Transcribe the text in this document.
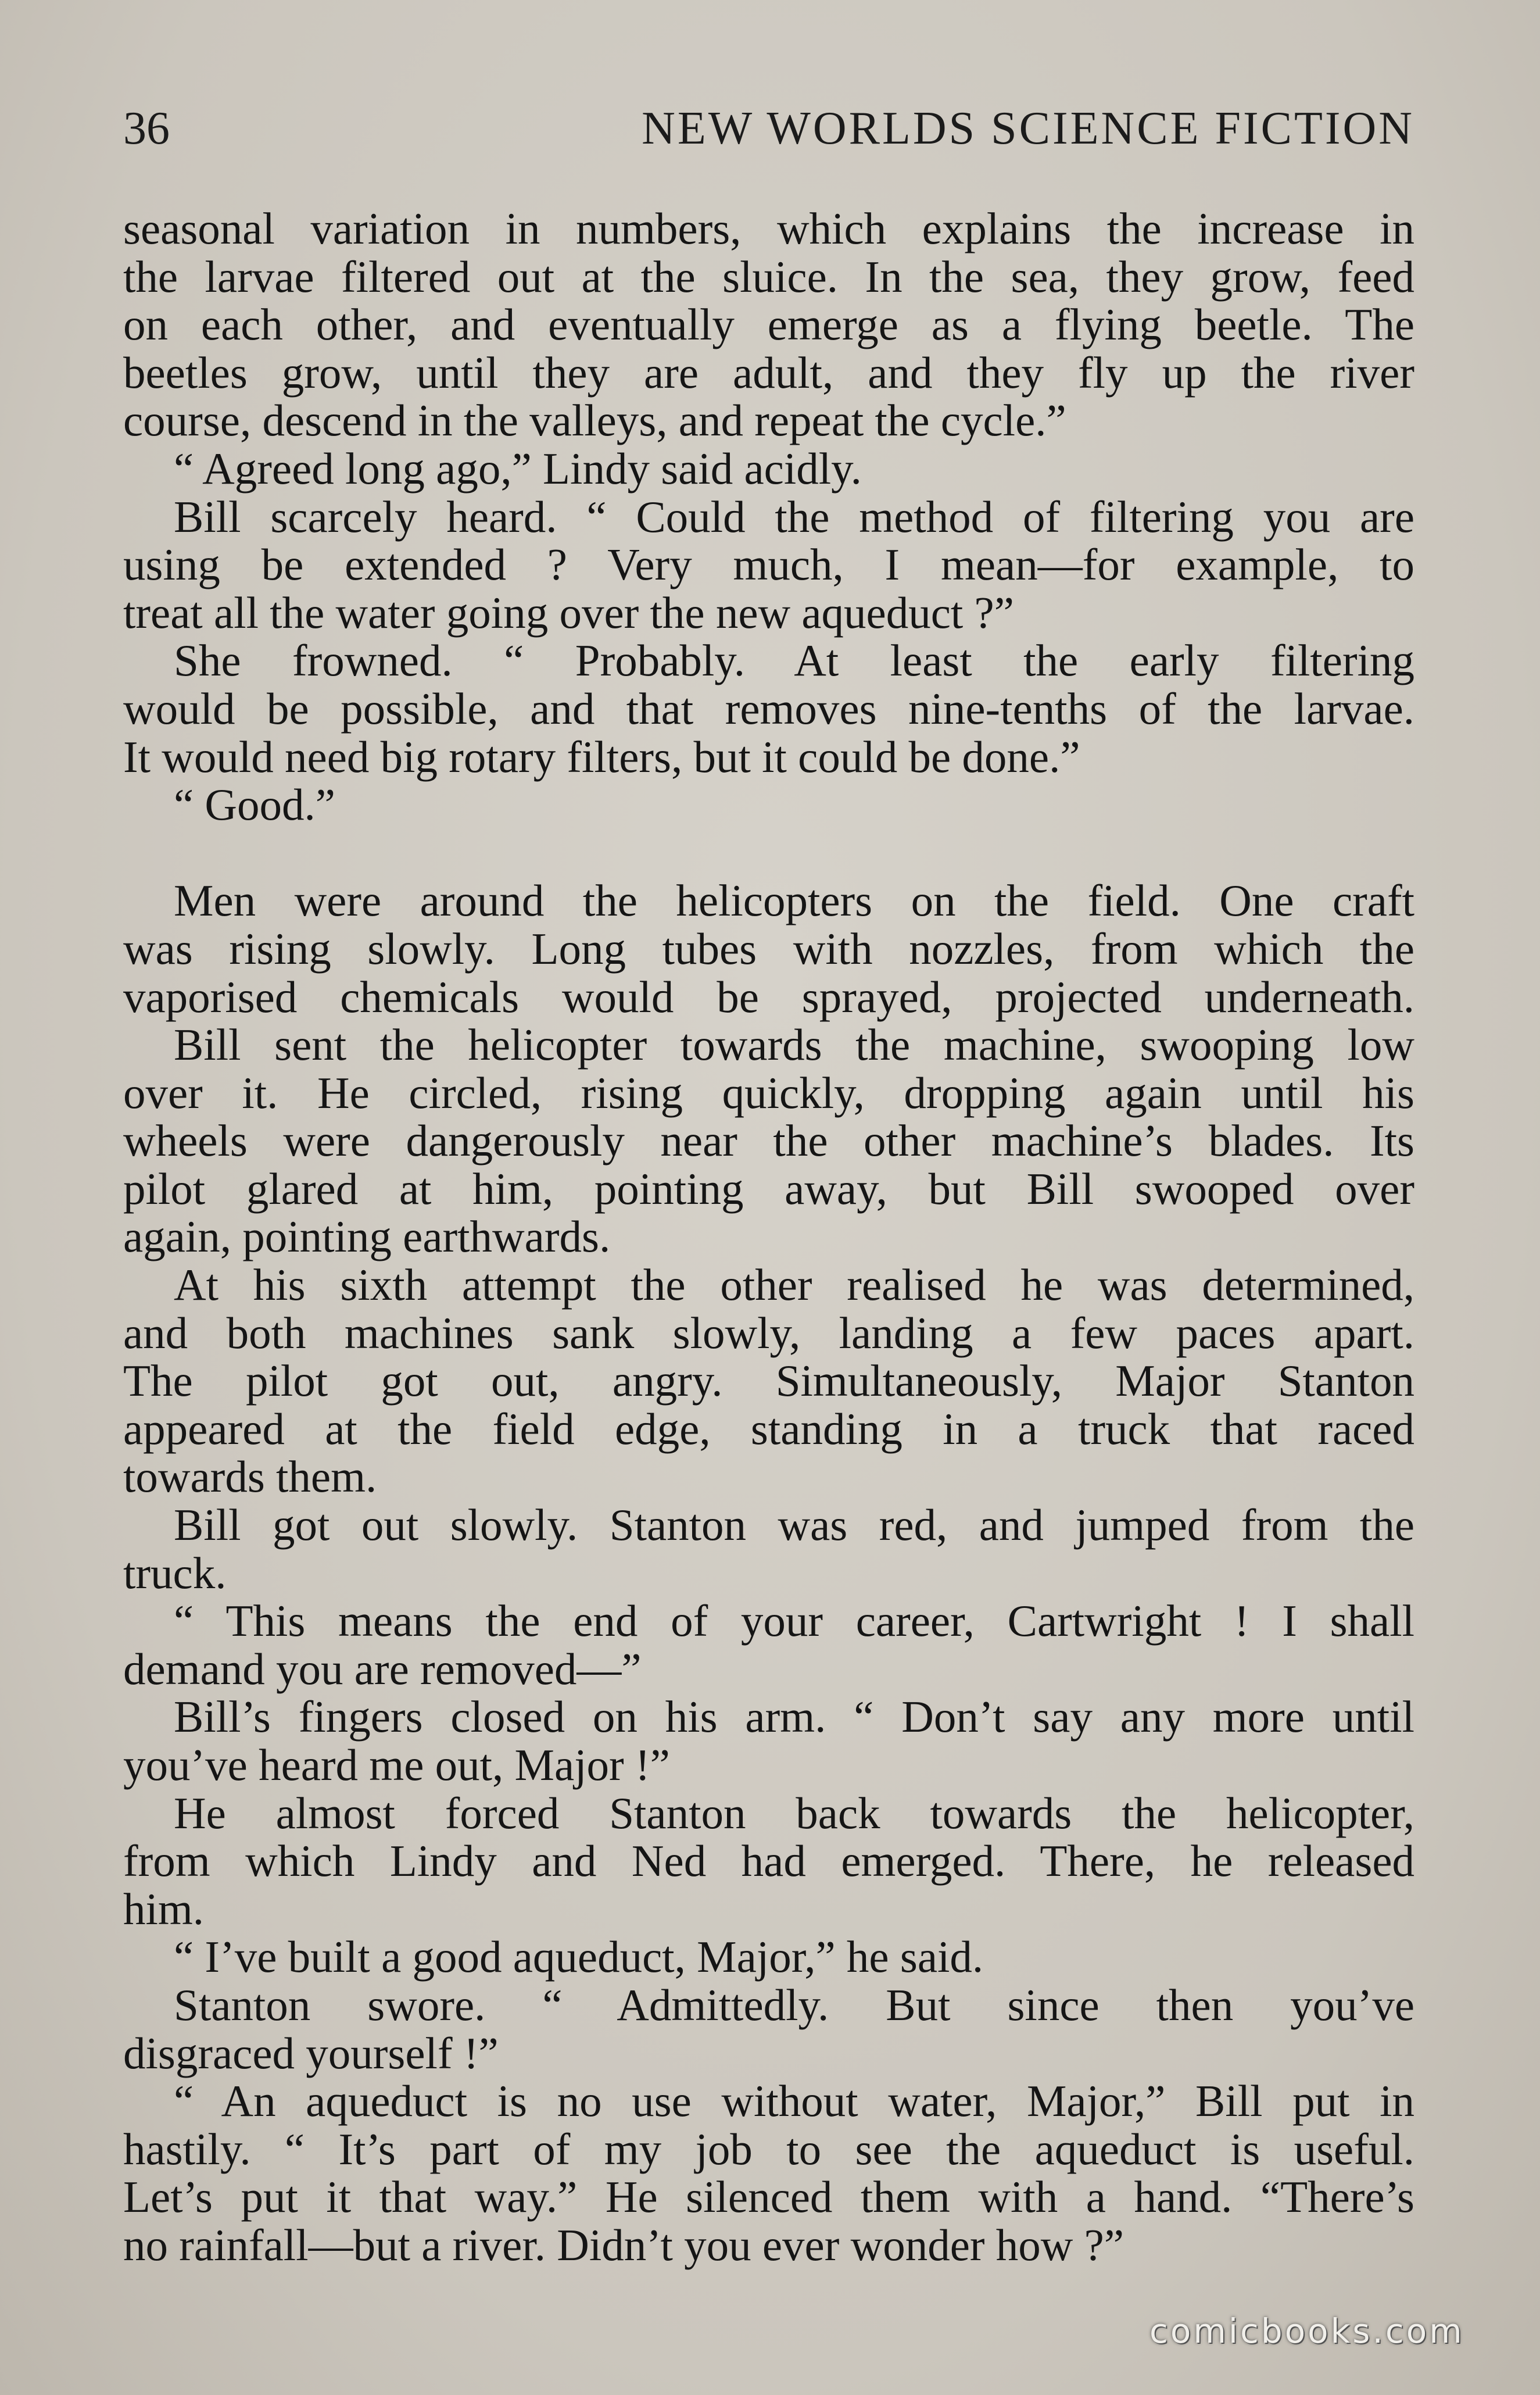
36	NEW WORLDS SCIENCE FICTION
seasonal variation in numbers, which explains the increase in
the larvae filtered out at the sluice. In the sea, they grow, feed
on each other, and eventually emerge as a flying beetle. The
beetles grow, until they are adult, and they fly up the river
course, descend in the valleys, and repeat the cycle.”
“ Agreed long ago,” Lindy said acidly.
Bill scarcely heard. “ Could the method of filtering you are
using be extended ? Very much, I mean—for example, to
treat all the water going over the new aqueduct ?”
She frowned. “ Probably. At least the early filtering
would be possible, and that removes nine-tenths of the larvae.
It would need big rotary filters, but it could be done.”
“ Good.”
Men were around the helicopters on the field. One craft
was rising slowly. Long tubes with nozzles, from which the
vaporised chemicals would be sprayed, projected underneath.
Bill sent the helicopter towards the machine, swooping low
over it. He circled, rising quickly, dropping again until his
wheels were dangerously near the other machine’s blades. Its
pilot glared at him, pointing away, but Bill swooped over
again, pointing earthwards.
At his sixth attempt the other realised he was determined,
and both machines sank slowly, landing a few paces apart.
The pilot got out, angry. Simultaneously, Major Stanton
appeared at the field edge, standing in a truck that raced
towards them.
Bill got out slowly. Stanton was red, and jumped from the
truck.
“ This means the end of your career, Cartwright ! I shall
demand you are removed—”
Bill’s fingers closed on his arm. “ Don’t say any more until
you’ve heard me out, Major !”
He almost forced Stanton back towards the helicopter,
from which Lindy and Ned had emerged. There, he released
him.
“ I’ve built a good aqueduct, Major,” he said.
Stanton swore. “ Admittedly. But since then you’ve
disgraced yourself !”
“ An aqueduct is no use without water, Major,” Bill put in
hastily. “ It’s part of my job to see the aqueduct is useful.
Let’s put it that way.” He silenced them with a hand. “There’s
no rainfall—but a river. Didn’t you ever wonder how ?”
comicbooks.com
